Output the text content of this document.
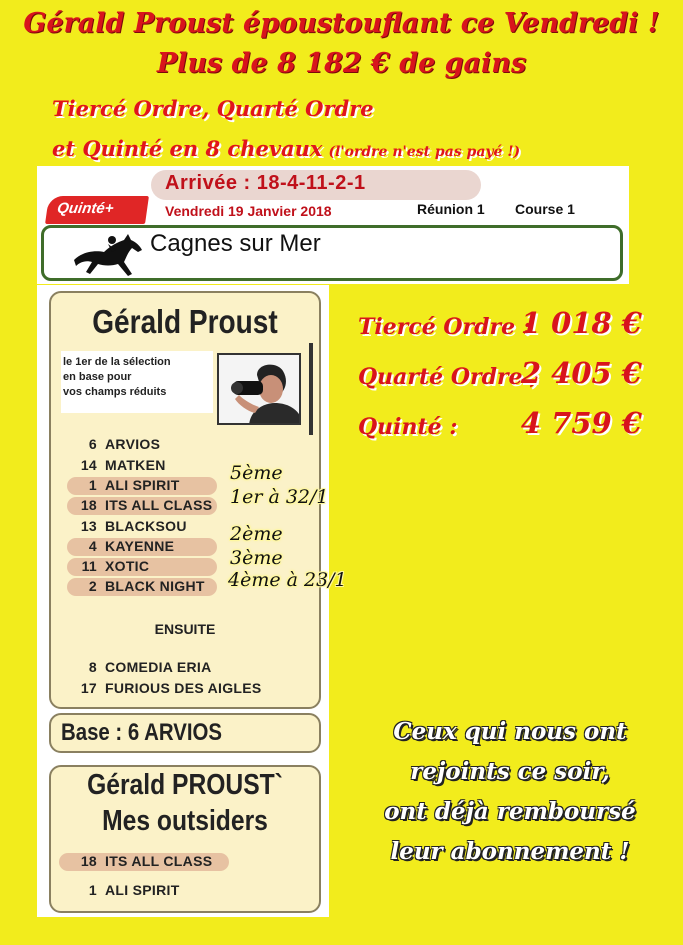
Gérald Proust époustouflant ce Vendredi !
Plus de 8 182 € de gains
Tiercé Ordre, Quarté Ordre
et Quinté en 8 chevaux (l'ordre n'est pas payé !)
Quinté+
Arrivée : 18-4-11-2-1
Vendredi 19 Janvier 2018	Réunion 1 Course 1
Cagnes sur Mer
Gérald Proust
le 1er de la sélection
en base pour
vos champs réduits
6 ARVIOS
14 MATKEN
1 ALI SPIRIT
18 ITS ALL CLASS
13 BLACKSOU
4 KAYENNE
11 XOTIC
2 BLACK NIGHT
ENSUITE
8 COMEDIA ERIA
17 FURIOUS DES AIGLES
Base : 6 ARVIOS
Gérald PROUST`
Mes outsiders
18 ITS ALL CLASS
1 ALI SPIRIT
5ème
1er à 32/1
2ème
3ème
4ème à 23/1
Tiercé Ordre :
1 018 €
Quarté Ordre ;
2 405 €
Quinté :	4 759 €
Ceux qui nous ont
rejoints ce soir,
ont déjà remboursé
leur abonnement !
